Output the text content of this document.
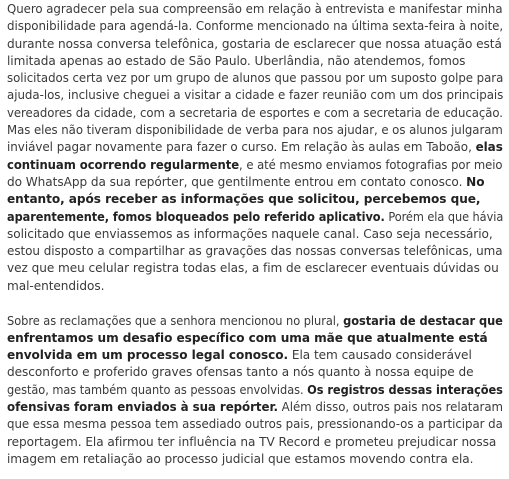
Quero agradecer pela sua compreensão em relação à entrevista e manifestar minha
disponibilidade para agendá-la. Conforme mencionado na última sexta-feira à noite,
durante nossa conversa telefônica, gostaria de esclarecer que nossa atuação está
limitada apenas ao estado de São Paulo. Uberlândia, não atendemos, fomos
solicitados certa vez por um grupo de alunos que passou por um suposto golpe para
ajuda-los, inclusive cheguei a visitar a cidade e fazer reunião com um dos principais
vereadores da cidade, com a secretaria de esportes e com a secretaria de educação.
Mas eles não tiveram disponibilidade de verba para nos ajudar, e os alunos julgaram
inviável pagar novamente para fazer o curso. Em relação às aulas em Taboão, elas
continuam ocorrendo regularmente, e até mesmo enviamos fotografias por meio
do WhatsApp da sua repórter, que gentilmente entrou em contato conosco. No
entanto, após receber as informações que solicitou, percebemos que,
aparentemente, fomos bloqueados pelo referido aplicativo. Porém ela que hávia
solicitado que enviassemos as informações naquele canal. Caso seja necessário,
estou disposto a compartilhar as gravações das nossas conversas telefônicas, uma
vez que meu celular registra todas elas, a fim de esclarecer eventuais dúvidas ou
mal-entendidos.

Sobre as reclamações que a senhora mencionou no plural, gostaria de destacar que
enfrentamos um desafio específico com uma mãe que atualmente está
envolvida em um processo legal conosco. Ela tem causado considerável
desconforto e proferido graves ofensas tanto a nós quanto à nossa equipe de
gestão, mas também quanto as pessoas envolvidas. Os registros dessas interações
ofensivas foram enviados à sua repórter. Além disso, outros pais nos relataram
que essa mesma pessoa tem assediado outros pais, pressionando-os a participar da
reportagem. Ela afirmou ter influência na TV Record e prometeu prejudicar nossa
imagem em retaliação ao processo judicial que estamos movendo contra ela.
